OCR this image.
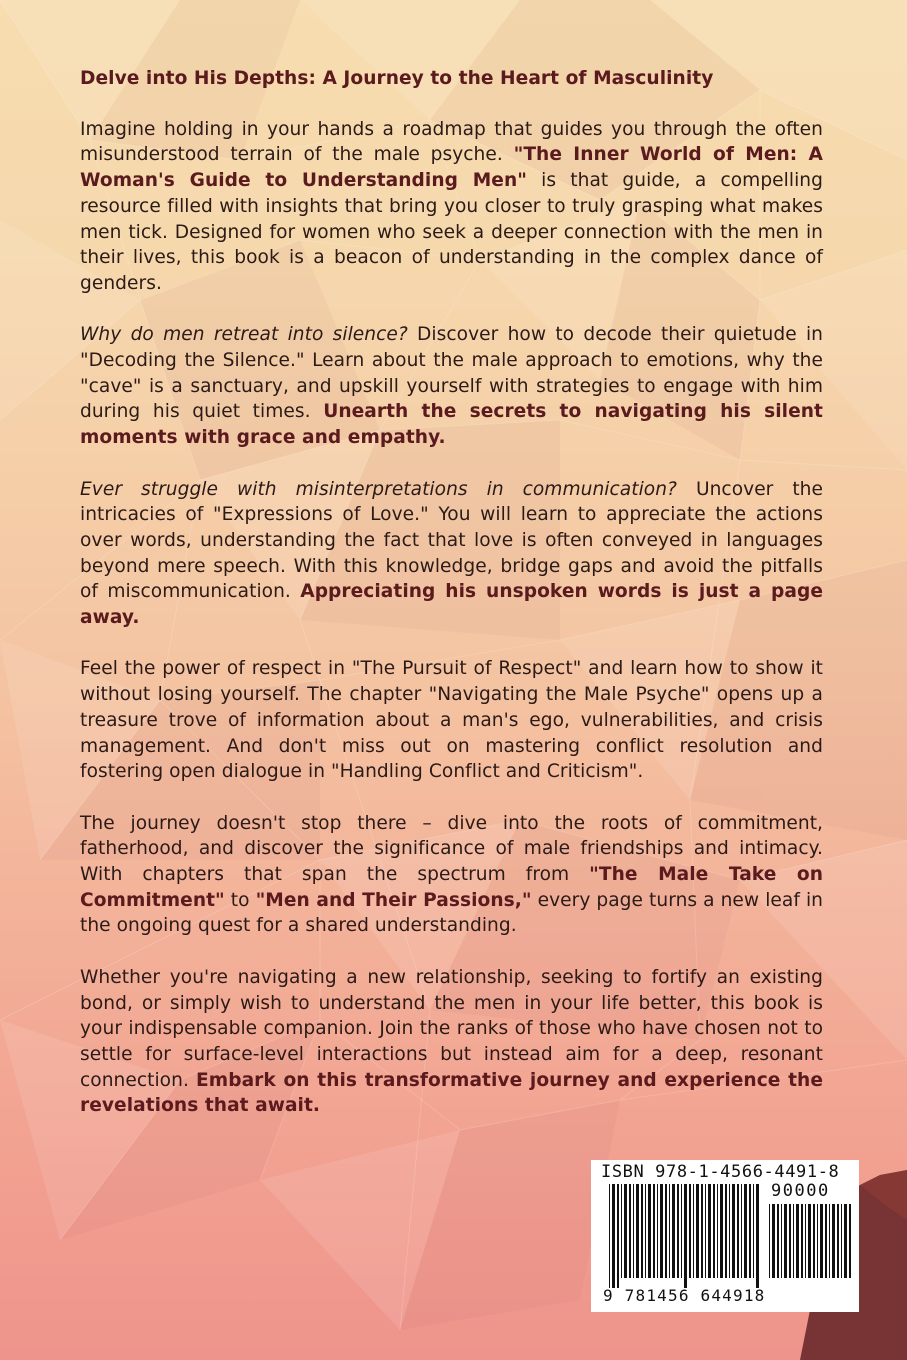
Delve into His Depths: A Journey to the Heart of Masculinity

Imagine holding in your hands a roadmap that guides you through the often misunderstood terrain of the male psyche. "The Inner World of Men: A Woman's Guide to Understanding Men" is that guide, a compelling resource filled with insights that bring you closer to truly grasping what makes men tick. Designed for women who seek a deeper connection with the men in their lives, this book is a beacon of understanding in the complex dance of genders.

Why do men retreat into silence? Discover how to decode their quietude in "Decoding the Silence." Learn about the male approach to emotions, why the "cave" is a sanctuary, and upskill yourself with strategies to engage with him during his quiet times. Unearth the secrets to navigating his silent moments with grace and empathy.

Ever struggle with misinterpretations in communication? Uncover the intricacies of "Expressions of Love." You will learn to appreciate the actions over words, understanding the fact that love is often conveyed in languages beyond mere speech. With this knowledge, bridge gaps and avoid the pitfalls of miscommunication. Appreciating his unspoken words is just a page away.

Feel the power of respect in "The Pursuit of Respect" and learn how to show it without losing yourself. The chapter "Navigating the Male Psyche" opens up a treasure trove of information about a man's ego, vulnerabilities, and crisis management. And don't miss out on mastering conflict resolution and fostering open dialogue in "Handling Conflict and Criticism".

The journey doesn't stop there – dive into the roots of commitment, fatherhood, and discover the significance of male friendships and intimacy. With chapters that span the spectrum from "The Male Take on Commitment" to "Men and Their Passions," every page turns a new leaf in the ongoing quest for a shared understanding.

Whether you're navigating a new relationship, seeking to fortify an existing bond, or simply wish to understand the men in your life better, this book is your indispensable companion. Join the ranks of those who have chosen not to settle for surface-level interactions but instead aim for a deep, resonant connection. Embark on this transformative journey and experience the revelations that await.

ISBN 978-1-4566-4491-8
90000
9 781456 644918
